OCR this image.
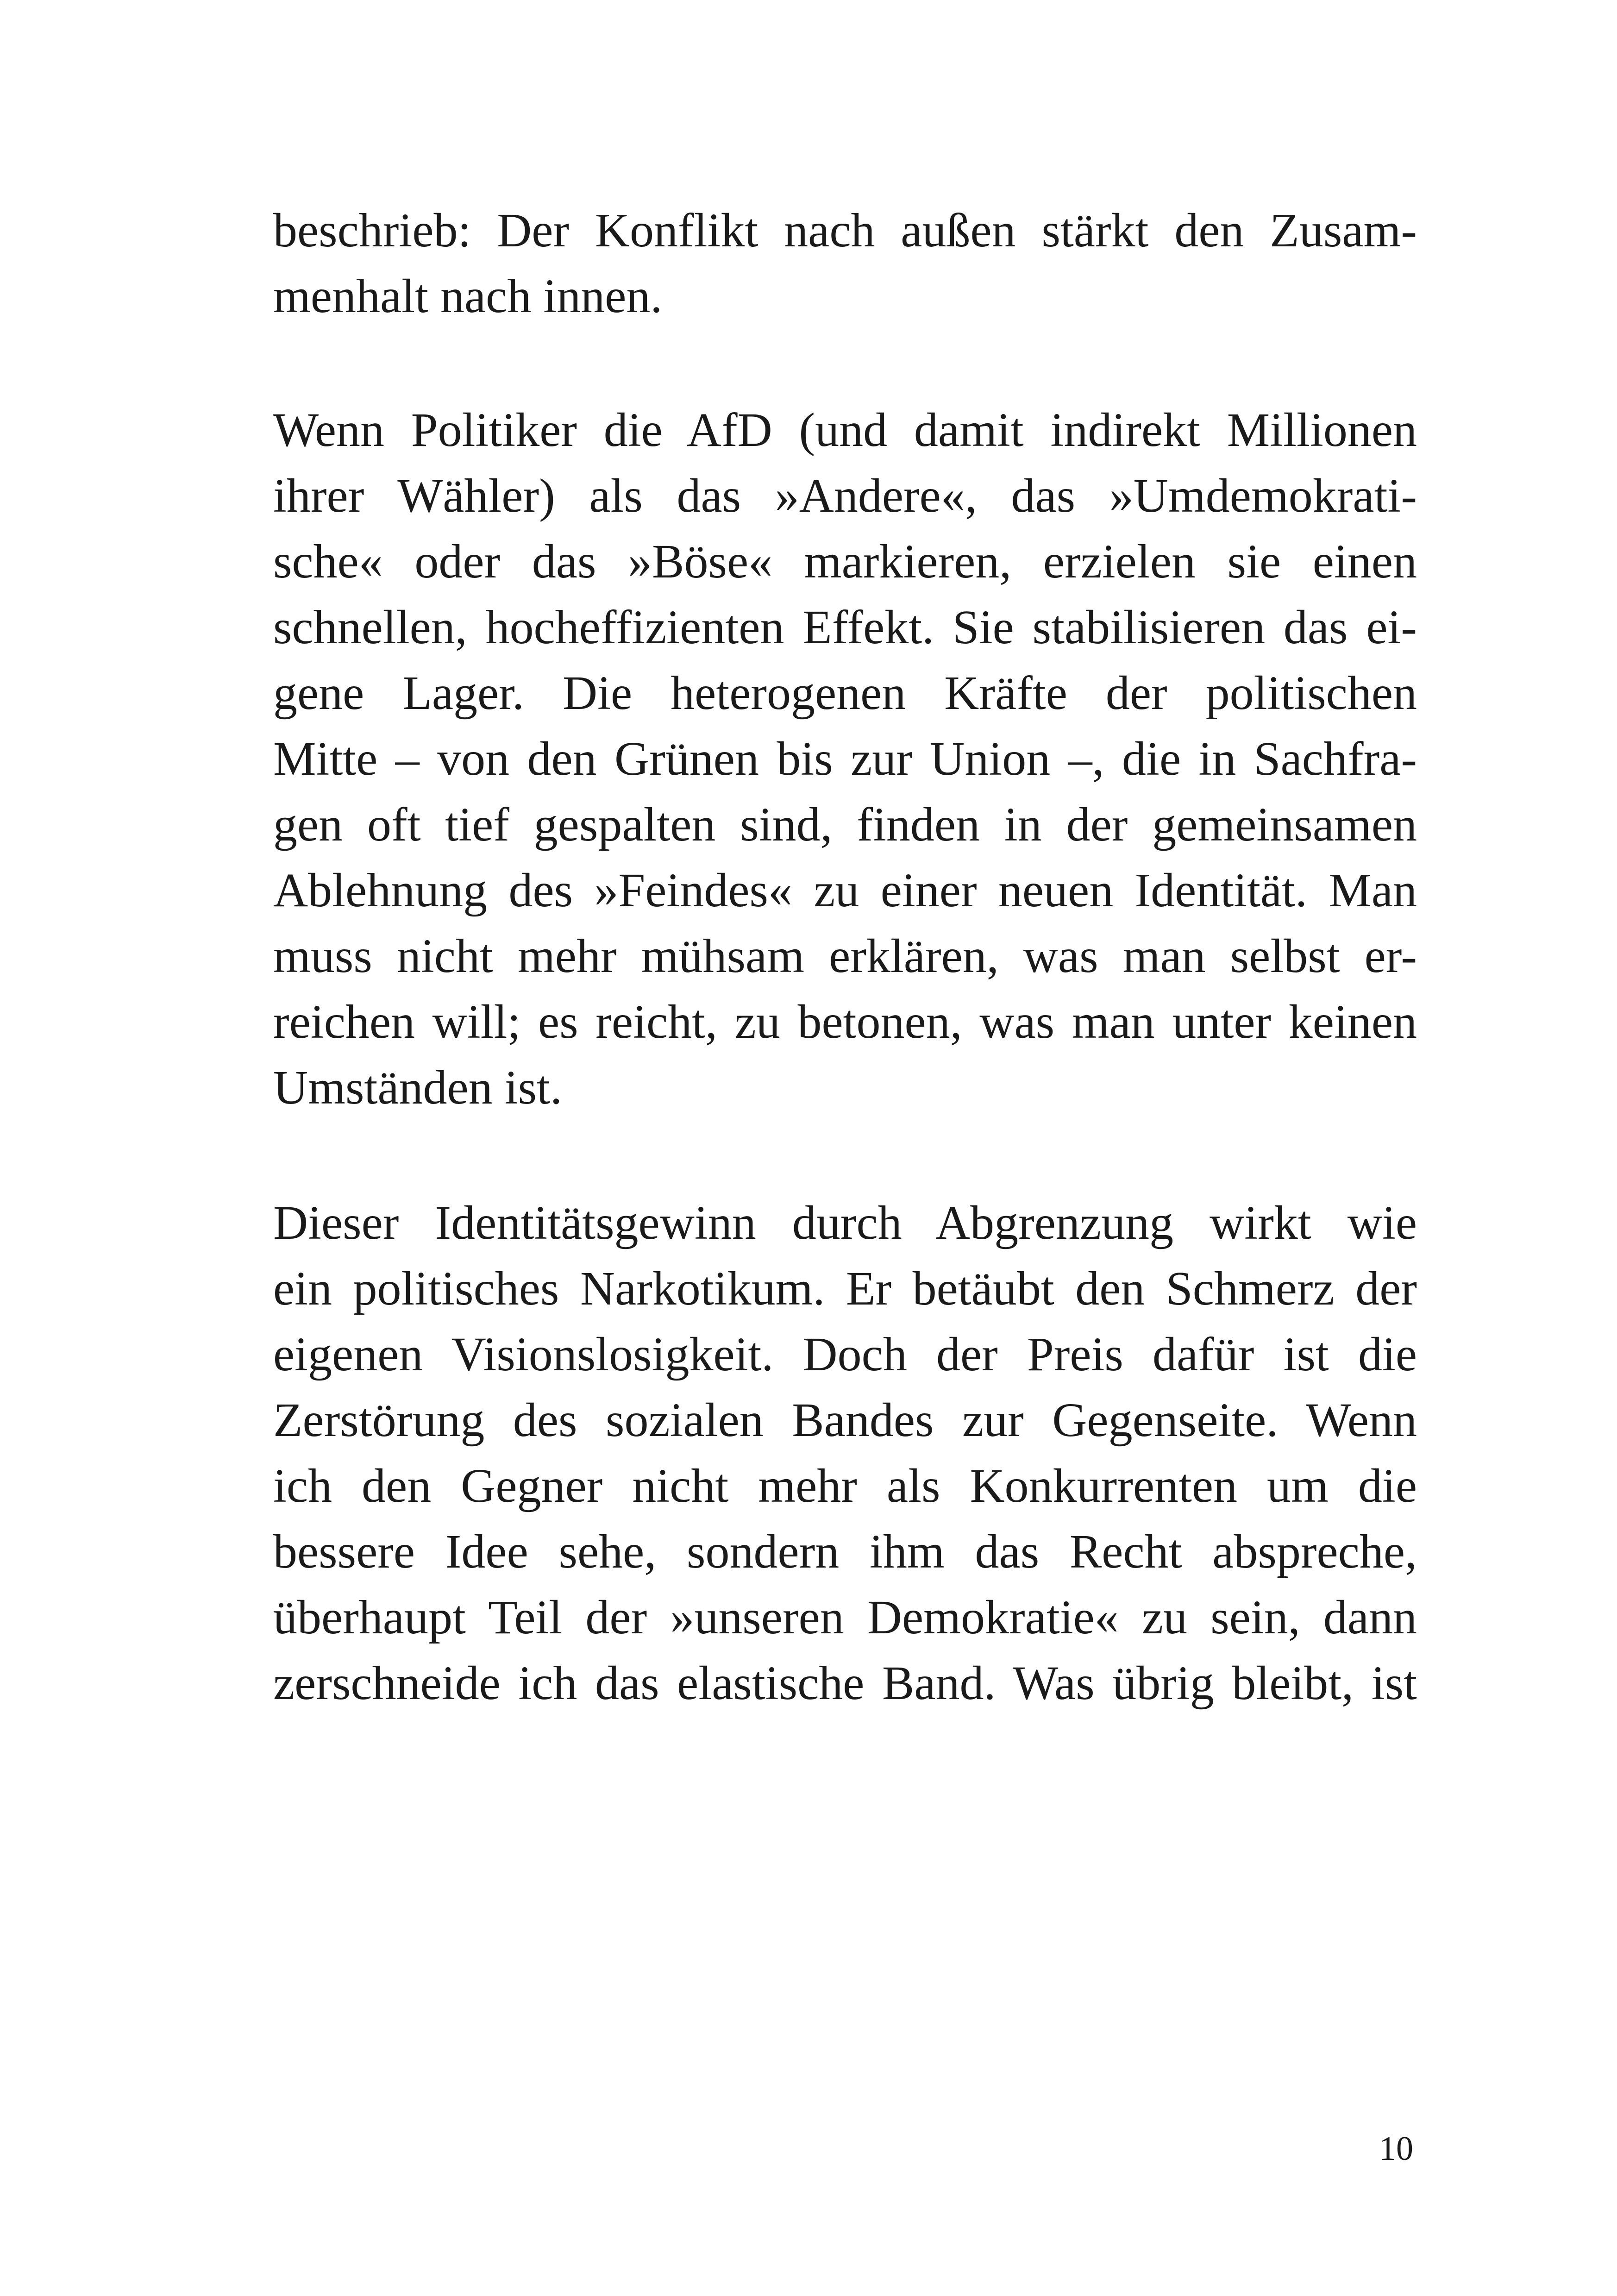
beschrieb: Der Konflikt nach außen stärkt den Zusam-
menhalt nach innen.
Wenn Politiker die AfD (und damit indirekt Millionen
ihrer Wähler) als das »Andere«, das »Umdemokrati-
sche« oder das »Böse« markieren, erzielen sie einen
schnellen, hocheffizienten Effekt. Sie stabilisieren das ei-
gene Lager. Die heterogenen Kräfte der politischen
Mitte – von den Grünen bis zur Union –, die in Sachfra-
gen oft tief gespalten sind, finden in der gemeinsamen
Ablehnung des »Feindes« zu einer neuen Identität. Man
muss nicht mehr mühsam erklären, was man selbst er-
reichen will; es reicht, zu betonen, was man unter keinen
Umständen ist.
Dieser Identitätsgewinn durch Abgrenzung wirkt wie
ein politisches Narkotikum. Er betäubt den Schmerz der
eigenen Visionslosigkeit. Doch der Preis dafür ist die
Zerstörung des sozialen Bandes zur Gegenseite. Wenn
ich den Gegner nicht mehr als Konkurrenten um die
bessere Idee sehe, sondern ihm das Recht abspreche,
überhaupt Teil der »unseren Demokratie« zu sein, dann
zerschneide ich das elastische Band. Was übrig bleibt, ist
10
